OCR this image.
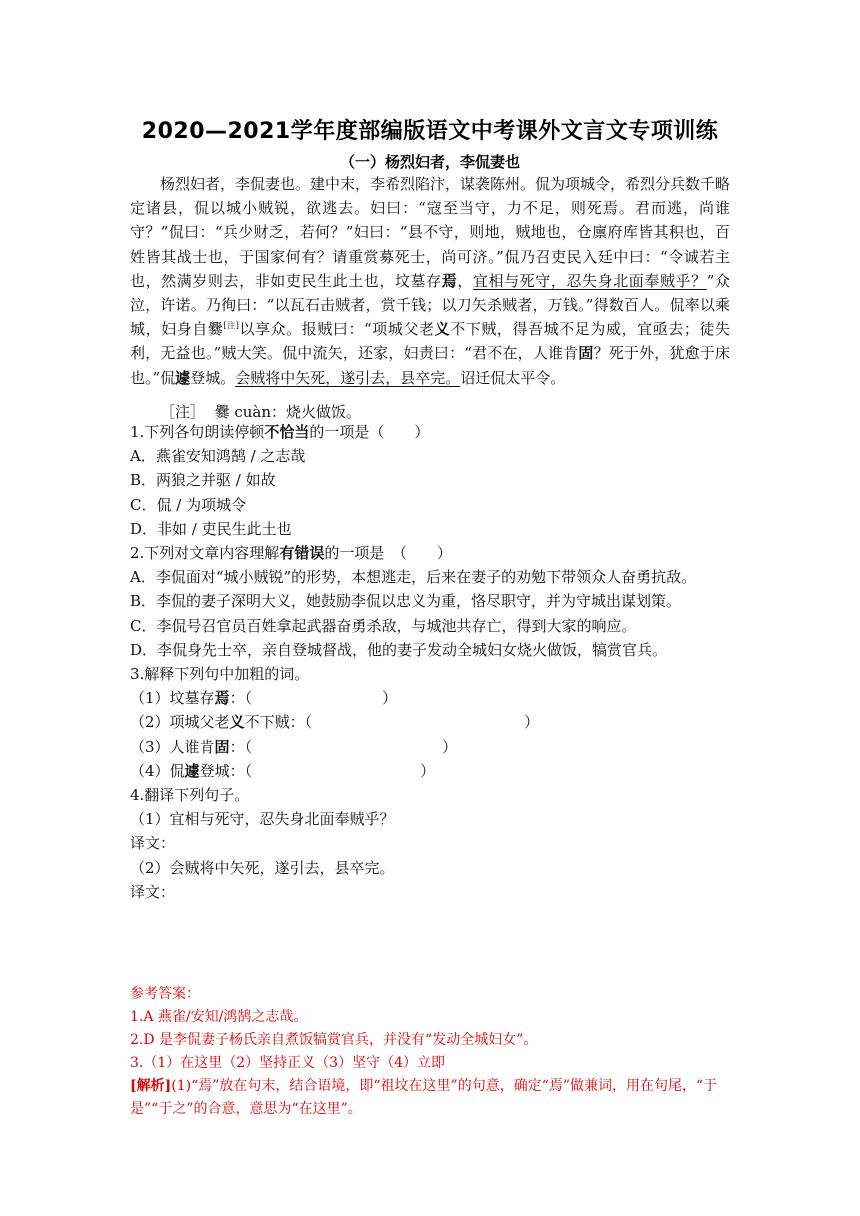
2020—2021学年度部编版语文中考课外文言文专项训练
（一）杨烈妇者，李侃妻也

杨烈妇者，李侃妻也。建中末，李希烈陷汴，谋袭陈州。侃为项城令，希烈分兵数千略定诸县，侃以城小贼锐，欲逃去。妇曰：“寇至当守，力不足，则死焉。君而逃，尚谁守？”侃曰：“兵少财乏，若何？”妇曰：“县不守，则地，贼地也，仓廪府库皆其积也，百姓皆其战士也，于国家何有？请重赏募死士，尚可济。”侃乃召吏民入廷中曰：“令诚若主也，然满岁则去，非如吏民生此土也，坟墓存焉，宜相与死守，忍失身北面奉贼乎？”众泣，许诺。乃徇曰：“以瓦石击贼者，赏千钱；以刀矢杀贼者，万钱。”得数百人。侃率以乘城，妇身自爨[注]以享众。报贼曰：“项城父老义不下贼，得吾城不足为威，宜亟去；徒失利，无益也。”贼大笑。侃中流矢，还家，妇责曰：“君不在，人谁肯固？死于外，犹愈于床也。”侃遽登城。会贼将中矢死，遂引去，县卒完。诏迁侃太平令。

［注］ 爨 cuàn：烧火做饭。

1.下列各句朗读停顿不恰当的一项是（　　）

A．燕雀安知鸿鹄 / 之志哉

B．两狼之并驱 / 如故

C．侃 / 为项城令

D．非如 / 吏民生此土也

2.下列对文章内容理解有错误的一项是　（　　）

A．李侃面对“城小贼锐”的形势，本想逃走，后来在妻子的劝勉下带领众人奋勇抗敌。

B．李侃的妻子深明大义，她鼓励李侃以忠义为重，恪尽职守，并为守城出谋划策。

C．李侃号召官员百姓拿起武器奋勇杀敌，与城池共存亡，得到大家的响应。

D．李侃身先士卒，亲自登城督战，他的妻子发动全城妇女烧火做饭，犒赏官兵。

3.解释下列句中加粗的词。

（1）坟墓存焉：（	）

（2）项城父老义不下贼：（	）

（3）人谁肯固：（	）

（4）侃遽登城：（	）

4.翻译下列句子。

（1）宜相与死守，忍失身北面奉贼乎？

译文：

（2）会贼将中矢死，遂引去，县卒完。

译文：

参考答案：

1.A 燕雀/安知/鸿鹄之志哉。

2.D 是李侃妻子杨氏亲自煮饭犒赏官兵，并没有“发动全城妇女”。

3.（1）在这里（2）坚持正义（3）坚守（4）立即

[解析](1)“焉”放在句末，结合语境，即“祖坟在这里”的句意，确定“焉”做兼词，用在句尾，“于是”“于之”的合意，意思为“在这里”。
